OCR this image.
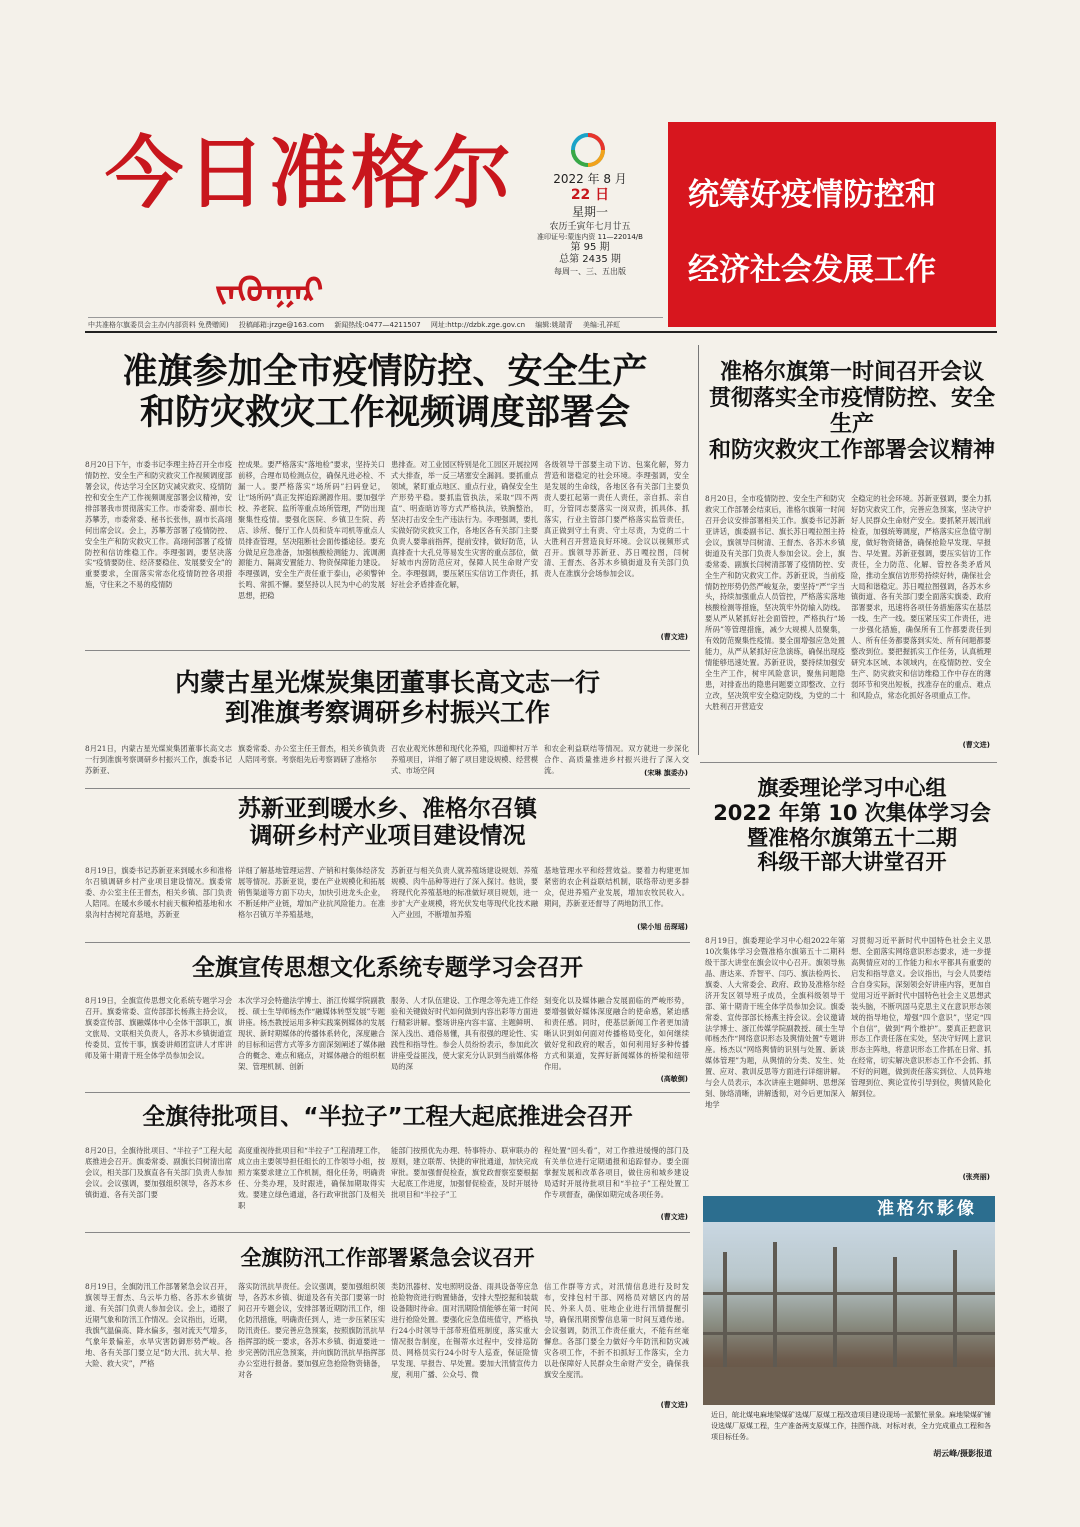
今日准格尔
ᠵᠡᠭᠦᠨᠭᠠᠷ
2022 年 8 月
22 日
星期一
农历壬寅年七月廿五
准印证号:蒙连内资 11—22014/B
第 95 期
总第 2435 期
每周一、三、五出版
统筹好疫情防控和
经济社会发展工作
中共准格尔旗委员会主办(内部资料 免费赠阅) 投稿邮箱:jrzge@163.com 新闻热线:0477—4211507 网址:http://dzbk.zge.gov.cn 编辑:姚瑞青 美编:孔祥虹
准旗参加全市疫情防控、安全生产
和防灾救灾工作视频调度部署会
8月20日下午，市委书记李理主持召开全市疫情防控、安全生产和防灾救灾工作视频调度部署会议，传达学习全区防灾减灾救灾、疫情防控和安全生产工作视频调度部署会议精神，安排部署我市贯彻落实工作。市委常委、副市长苏攀芳，市委常委、秘书长张伟，副市长高翊何出席会议。会上，苏攀芳部署了疫情防控、安全生产和防灾救灾工作。高翊何部署了疫情防控和信访维稳工作。李理强调，要坚决落实“疫情要防住、经济要稳住、发展要安全”的重要要求，全面落实常态化疫情防控各项措施，守住来之不易的疫情防
控成果。要严格落实“落地检”要求，坚持关口前移，合理布局检测点位，确保凡进必检、不漏一人。要严格落实“场所码”扫码登记，让“场所码”真正发挥追踪溯源作用。要加强学校、养老院、监所等重点场所管理，严防出现聚集性疫情。要强化医院、乡镇卫生院、药店、诊所、餐厅工作人员和货车司机等重点人员排查管理，坚决阻断社会面传播途径。要充分做足应急准备，加强核酸检测能力、流调溯源能力、隔离安置能力、物资保障能力建设。李理强调，安全生产责任重于泰山，必须警钟长鸣、常抓不懈。要坚持以人民为中心的发展思想，把稳
患排查。对工业园区特别是化工园区开展拉网式大排查，举一反三堵塞安全漏洞。要抓重点领域，紧盯重点地区、重点行业，确保安全生产形势平稳。要抓监管执法，采取“四不两直”、明查暗访等方式严格执法，铁腕整治，坚决打击安全生产违法行为。李理强调，要扎实做好防灾救灾工作，各地区各有关部门主要负责人要靠前指挥，提前安排，做好防范，认真排查十大孔兑等易发生灾害的重点部位，做好城市内涝防范应对，保障人民生命财产安全。李理强调，要压紧压实信访工作责任，抓好社会矛盾排查化解，
各级领导干部要主动下访、包案化解，努力营造和谐稳定的社会环境。李理强调，安全是发展的生命线，各地区各有关部门主要负责人要扛起第一责任人责任，亲自抓、亲自盯，分管同志要落实一岗双责，抓具体、抓落实，行业主管部门要严格落实监管责任，真正做到守土有责、守土尽责，为党的二十大胜利召开营造良好环境。会议以视频形式召开。旗领导苏新亚、苏日嘎拉图，闫树清、王督杰、各苏木乡镇街道及有关部门负责人在准旗分会场参加会议。
(曹文进)
准格尔旗第一时间召开会议
贯彻落实全市疫情防控、安全生产
和防灾救灾工作部署会议精神
8月20日，全市疫情防控、安全生产和防灾救灾工作部署会结束后，准格尔旗第一时间召开会议安排部署相关工作。旗委书记苏新亚讲话，旗委副书记、旗长苏日嘎拉图主持会议，旗领导闫树清、王督杰、各苏木乡镇街道及有关部门负责人参加会议。会上，旗委常委、副旗长闫树清部署了疫情防控、安全生产和防灾救灾工作。苏新亚说，当前疫情防控形势仍然严峻复杂，要坚持“严”字当头，持续加强重点人员管控，严格落实落地核酸检测等措施，坚决筑牢外防输入防线。要从严从紧抓好社会面管控，严格执行“场所码”等管理措施，减少大规模人员聚集，有效防范聚集性疫情。要全面增强应急处置能力，从严从紧抓好应急演练，确保出现疫情能够迅速处置。苏新亚说，要持续加强安全生产工作，树牢风险意识，聚焦问题隐患，对排查出的隐患问题要立即整改、立行立改，坚决筑牢安全稳定防线，为党的二十大胜利召开营造安
全稳定的社会环境。苏新亚强调，要全力抓好防灾救灾工作，完善应急预案，坚决守护好人民群众生命财产安全。要抓紧开展汛前检查，加强统筹调度，严格落实应急值守制度，做好物资储备，确保抢险早发现、早报告、早处置。苏新亚强调，要压实信访工作责任，全力防范、化解、管控各类矛盾风险，推动全旗信访形势持续好转，确保社会大局和谐稳定。苏日嘎拉图强调，各苏木乡镇街道、各有关部门要全面落实旗委、政府部署要求，迅速将各项任务措施落实在基层一线、生产一线。要压紧压实工作责任，进一步强化措施，确保所有工作都要责任到人、所有任务都要落到实处、所有问题都要整改到位。要把握抓实工作任务，认真梳理研究本区域、本领域内，在疫情防控、安全生产、防灾救灾和信访维稳工作中存在的薄弱环节和突出短板，找准存在的重点、难点和风险点，常态化抓好各项重点工作。
(曹文进)
内蒙古星光煤炭集团董事长高文志一行
到准旗考察调研乡村振兴工作
8月21日，内蒙古星光煤炭集团董事长高文志一行到准旗考察调研乡村振兴工作，旗委书记苏新亚、
旗委常委、办公室主任王督杰，相关乡镇负责人陪同考察。考察组先后考察调研了准格尔
召农业观光休憩和现代化养殖，四道柳村万羊养殖项目，详细了解了项目建设规模、经营模式、市场空间
和农企利益联结等情况。双方就进一步深化合作、高质量推进乡村振兴进行了深入交流。	(宋琳 旗委办)
苏新亚到暖水乡、准格尔召镇
调研乡村产业项目建设情况
8月19日，旗委书记苏新亚来到暖水乡和准格尔召镇调研乡村产业项目建设情况。旗委常委、办公室主任王督杰，相关乡镇、部门负责人陪同。在暖水乡暖水村前天椒种植基地和水泉沟村杏树坨育基地，苏新亚
详细了解基地管理运营、产销和村集体经济发展等情况。苏新亚说，要在产业规模化和拓展销售渠道等方面下功夫，加快引进龙头企业，不断延伸产业链，增加产业抗风险能力。在准格尔召镇万羊养殖基地，
苏新亚与相关负责人就养殖场建设规划、养殖规模、肉牛品种等进行了深入探讨。他说，要将现代化养殖基地的标准做好项目规划，进一步扩大产业规模，将光伏发电等现代化技术融入产业园，不断增加养殖
基地管理水平和经营效益。要着力构建更加紧密的农企利益联结机制，联络带动更多群众，促进养殖产业发展，增加农牧民收入。期间，苏新亚还督导了两地防汛工作。
(梁小旭 岳琛瑶)
旗委理论学习中心组
2022 年第 10 次集体学习会
暨准格尔旗第五十二期
科级干部大讲堂召开
8月19日，旗委理论学习中心组2022年第10次集体学习会暨准格尔旗第五十二期科级干部大讲堂在旗会议中心召开。旗领导焦晶、唐达来、乔智平、闫巧、旗法检两长、旗委、人大常委会、政府、政协及准格尔经济开发区领导班子成员，全旗科级领导干部、第十期青干班全体学员参加会议。旗委常委、宣传部部长杨燕主持会议。会议邀请法学博士、浙江传媒学院副教授、硕士生导师杨杰作“网络意识形态及舆情处置”专题讲座。杨杰以“网络舆情的识别与处置、新谈媒体管理”为题，从舆情的分类、发生、处置、应对、教训反思等方面进行详细讲解。与会人员表示，本次讲座主题鲜明、思想深刻、脉络清晰，讲解透彻，对今后更加深入地学
习贯彻习近平新时代中国特色社会主义思想、全面落实网络意识形态要求，进一步提高舆情应对的工作能力和水平都具有重要的启发和指导意义。会议指出，与会人员要结合自身实际，深刻领会好讲座内容，更加自觉用习近平新时代中国特色社会主义思想武装头脑，不断巩固马克思主义在意识形态领域的指导地位，增强“四个意识”，坚定“四个自信”，做到“两个维护”。要真正把意识形态工作责任落在实处，坚决守好网上意识形态主阵地，将意识形态工作抓在日常、抓在经常，切实解决意识形态工作不会抓、抓不好的问题，做到责任落实到位、人员阵地管理到位、舆论宣传引导到位，舆情风险化解到位。
(张亮丽)
全旗宣传思想文化系统专题学习会召开
8月19日，全旗宣传思想文化系统专题学习会召开。旗委常委、宣传部部长杨燕主持会议，旗委宣传部、旗融媒体中心全体干部职工，旗文旅局、文联相关负责人，各苏木乡镇街道宣传委员、宣传干事，旗委讲师团宣讲人才库讲师及第十期青干班全体学员参加会议。
本次学习会特邀法学博士、浙江传媒学院副教授、硕士生导师杨杰作“融媒体转型发展”专题讲座。杨杰教授运用多种实践案例媒体的发展现状、新时期媒体的传播体系转化，深度融合的目标和运营方式等多方面深刻阐述了媒体融合的概念、难点和痛点，对媒体融合的组织框架、管理机制、创新
服务、人才队伍建设、工作理念等先进工作经验和关键做好时代如何做到内容出彩等方面进行精彩讲解。整场讲座内容丰富、主题鲜明、深入浅出、通俗易懂，具有很强的理论性、实践性和指导性。参会人员纷纷表示，参加此次讲座受益匪浅，使大家充分认识到当前媒体格局的深
刻变化以及媒体融合发展面临的严峻形势，要增强做好媒体深度融合的使命感，紧迫感和责任感。同时，使基层新闻工作者更加清晰认识到如何面对传播格局变化，如何继续做好党和政府的喉舌，如何利用好多种传播方式和渠道，发挥好新闻媒体的桥梁和纽带作用。
(高敏倒)
全旗待批项目、“半拉子”工程大起底推进会召开
8月20日，全旗待批项目、“半拉子”工程大起底推进会召开。旗委常委、副旗长闫树清出席会议，相关部门及旗直各有关部门负责人参加会议。会议强调，要加强组织领导，各苏木乡镇街道、各有关部门要
高度重视待批项目和“半拉子”工程清理工作，成立由主要领导担任组长的工作领导小组，按照方案要求建立工作机制，细化任务，明确责任、分类办理，及时跟进，确保加期取得实效。要建立绿色通道，各行政审批部门及相关职
能部门按照优先办理、特事特办、联审联办的原则，建立联帮、快捷的审批通道，加快完成审批。要加强督促检查，旗党政督察室要根据大起底工作进度，加强督促检查，及时开展待批项目和“半拉子”工
程处置“回头看”，对工作推进缓慢的部门及有关单位进行定期通报和追踪督办。要全面掌握发展和改革各项目，做住房和城乡建设局适时开展待批项目和“半拉子”工程处置工作专项督查，确保如期完成各项任务。
(曹文进)
全旗防汛工作部署紧急会议召开
8月19日，全旗防汛工作部署紧急会议召开，旗领导王督杰、乌云毕力格、各苏木乡镇街道、有关部门负责人参加会议。会上，通报了近期气象和防汛工作情况。会议指出，近期，我旗气温偏高、降水偏多，强对流天气增多，气象年景偏差，水旱灾害防御形势严峻。各地、各有关部门要立足“防大汛、抗大旱、抢大险、救大灾”，严格
落实防汛抗旱责任。会议强调，要加强组织领导，各苏木乡镇、街道及各有关部门要第一时间召开专题会议，安排部署近期防汛工作，细化防汛措施，明确责任到人，进一步压紧压实防汛责任。要完善应急预案，按照旗防汛抗旱指挥部的统一要求，各苏木乡镇、街道要进一步完善防汛应急预案，并向旗防汛抗旱指挥部办公室进行报备。要加强应急抢险物资储备，对各
类防汛器材、发电照明设备、雨具设备等应急抢险物资进行购置储备，安排大型挖掘和装载设备随时待命。面对汛期险情能够在第一时间进行抢险处置。要强化应急值班值守，严格执行24小时领导干部带班值班制度，落实重大情况报告制度，在锡蒂水过程中，安排巡防员、网格员实行24小时专人巡查，保证险情早发现、早报告、早处置。要加大汛情宣传力度，利用广播、公众号、微
信工作群等方式，对汛情信息进行及时发布，安排包村干部、网格员对辖区内的居民、外来人员、驻地企业进行汛情提醒引导，确保汛期预警信息第一时间互通传递。会议强调，防汛工作责任重大，不能有丝毫懈怠。各部门要全力做好今年防汛和防灾减灾各项工作，不折不扣抓好工作落实，全力以赴保障好人民群众生命财产安全，确保我旗安全度汛。
(曹文进)
准格尔影像
近日，皖北煤电麻地梁煤矿选煤厂原煤工程改造项目建设现场一派繁忙景象。麻地梁煤矿铺设选煤厂原煤工程，生产准备两支原煤工作，挂图作战、对标对表，全力完成重点工程和各项目标任务。
胡云峰/摄影报道
